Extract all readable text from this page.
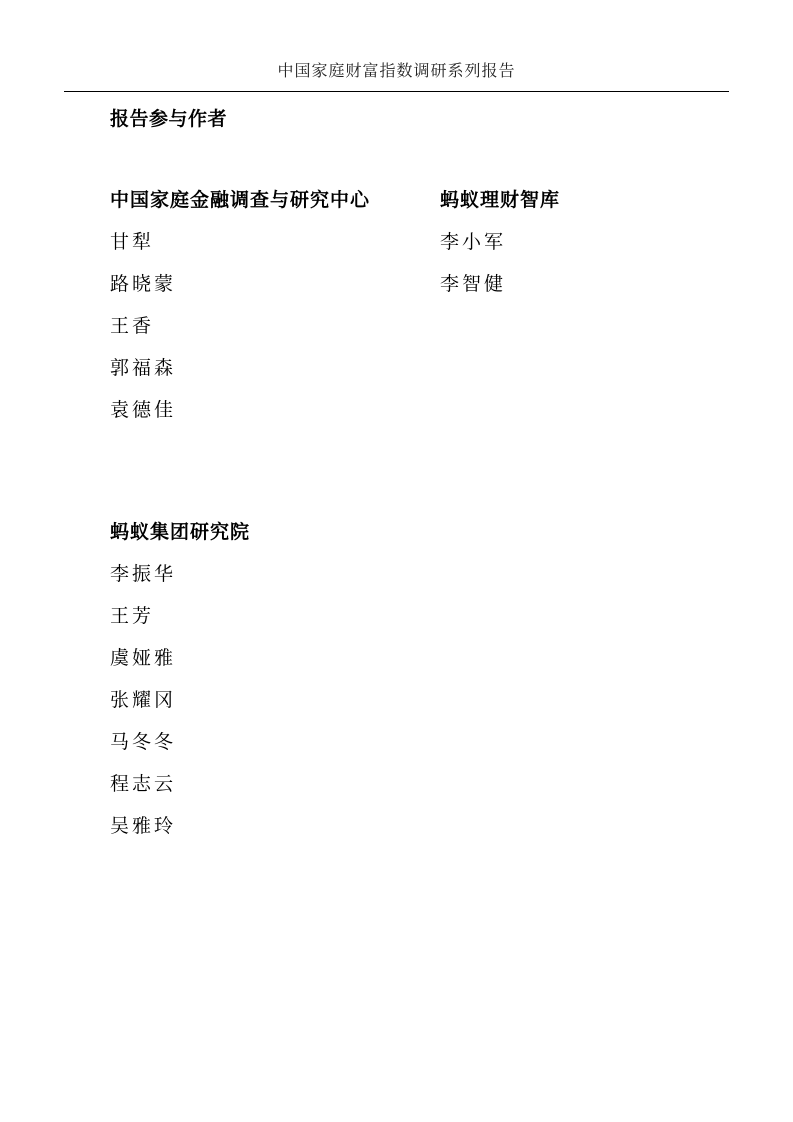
中国家庭财富指数调研系列报告
报告参与作者
中国家庭金融调查与研究中心
甘犁
路晓蒙
王香
郭福森
袁德佳
蚂蚁理财智库
李小军
李智健
蚂蚁集团研究院
李振华
王芳
虞娅雅
张耀冈
马冬冬
程志云
吴雅玲
